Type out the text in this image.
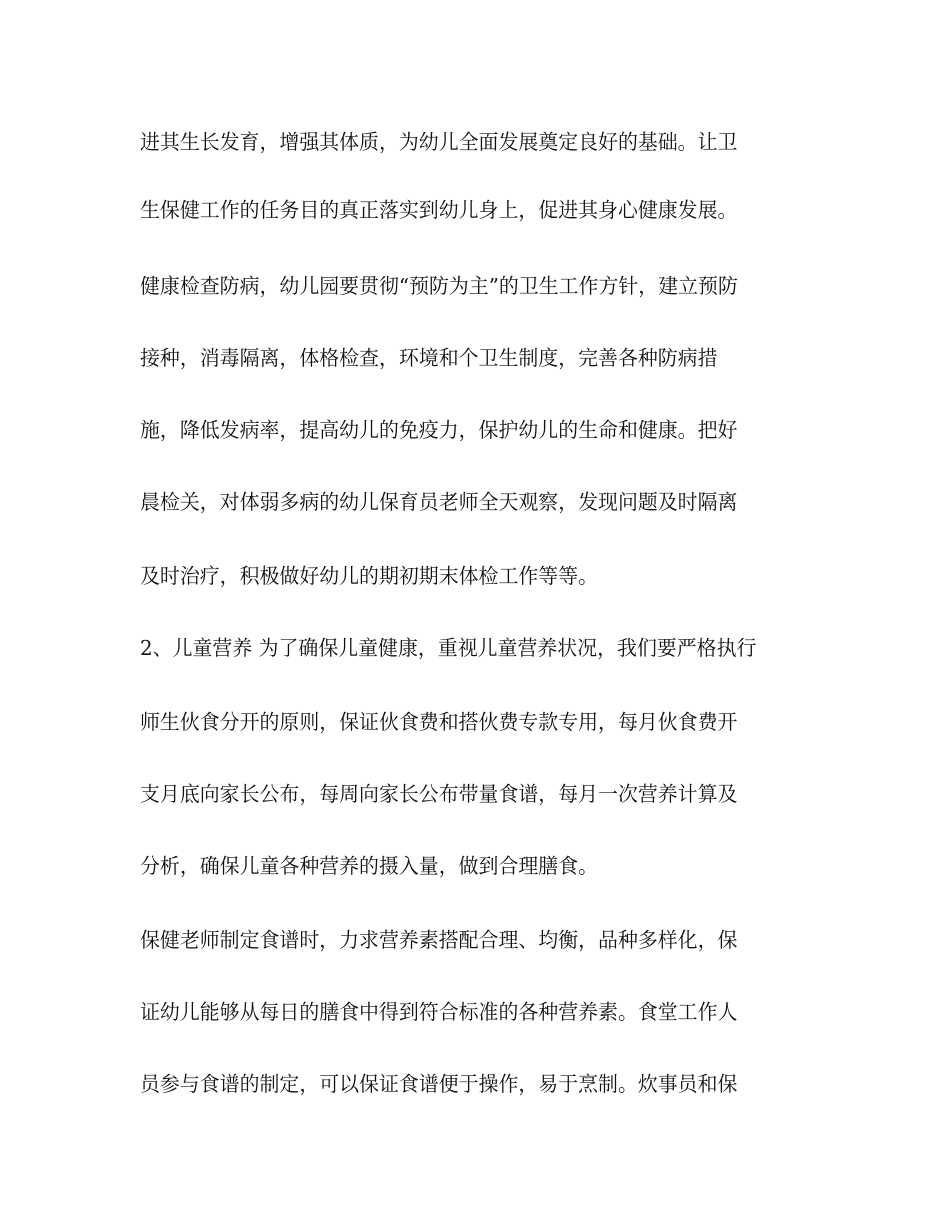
进其生长发育，增强其体质，为幼儿全面发展奠定良好的基础。让卫
生保健工作的任务目的真正落实到幼儿身上，促进其身心健康发展。
健康检查防病，幼儿园要贯彻“预防为主”的卫生工作方针，建立预防
接种，消毒隔离，体格检查，环境和个卫生制度，完善各种防病措
施，降低发病率，提高幼儿的免疫力，保护幼儿的生命和健康。把好
晨检关，对体弱多病的幼儿保育员老师全天观察，发现问题及时隔离
及时治疗，积极做好幼儿的期初期末体检工作等等。
2、儿童营养 为了确保儿童健康，重视儿童营养状况，我们要严格执行
师生伙食分开的原则，保证伙食费和搭伙费专款专用，每月伙食费开
支月底向家长公布，每周向家长公布带量食谱，每月一次营养计算及
分析，确保儿童各种营养的摄入量，做到合理膳食。
保健老师制定食谱时，力求营养素搭配合理、均衡，品种多样化，保
证幼儿能够从每日的膳食中得到符合标准的各种营养素。食堂工作人
员参与食谱的制定，可以保证食谱便于操作，易于烹制。炊事员和保
